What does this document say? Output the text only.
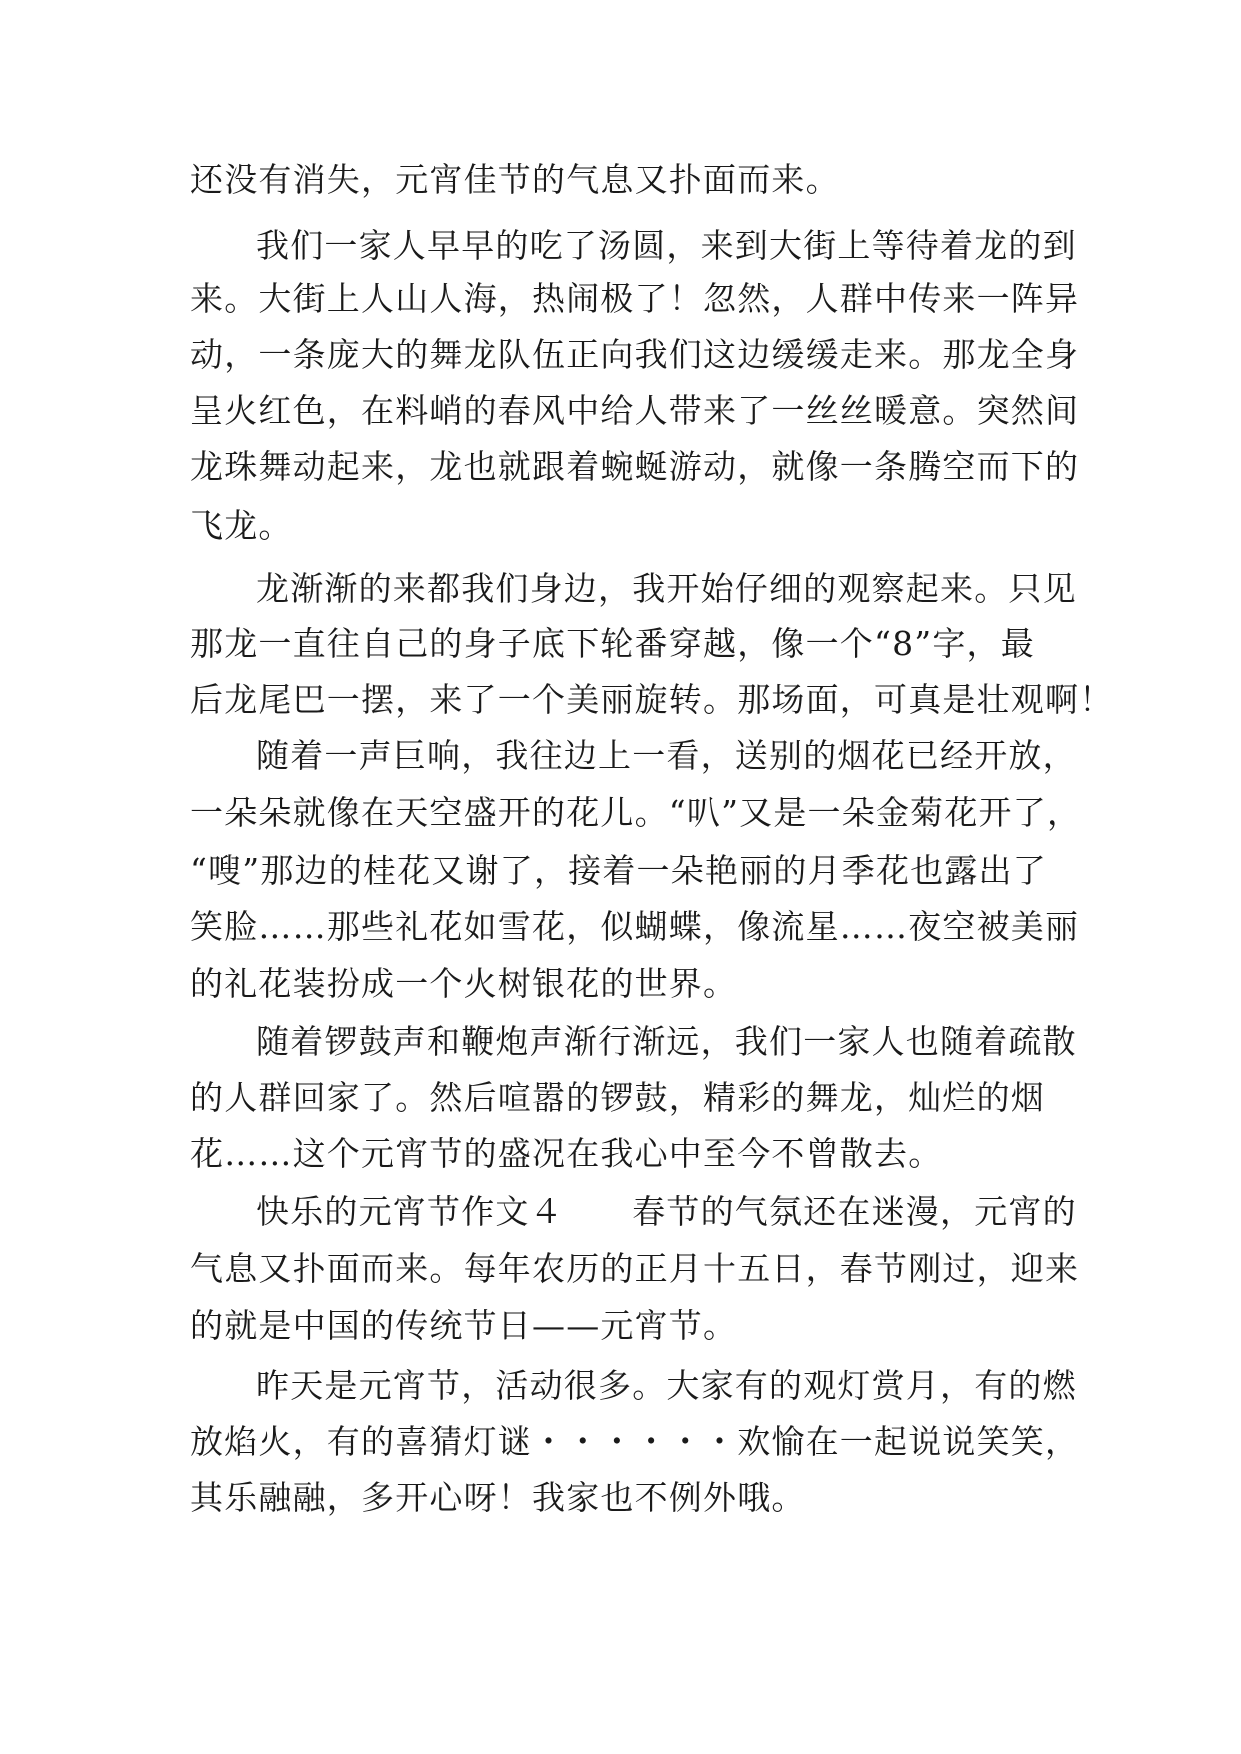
还没有消失，元宵佳节的气息又扑面而来。
我们一家人早早的吃了汤圆，来到大街上等待着龙的到
来。大街上人山人海，热闹极了！忽然，人群中传来一阵异
动，一条庞大的舞龙队伍正向我们这边缓缓走来。那龙全身
呈火红色，在料峭的春风中给人带来了一丝丝暖意。突然间
龙珠舞动起来，龙也就跟着蜿蜒游动，就像一条腾空而下的
飞龙。
龙渐渐的来都我们身边，我开始仔细的观察起来。只见
那龙一直往自己的身子底下轮番穿越，像一个“8”字，最
后龙尾巴一摆，来了一个美丽旋转。那场面，可真是壮观啊！
随着一声巨响，我往边上一看，送别的烟花已经开放，
一朵朵就像在天空盛开的花儿。“叭”又是一朵金菊花开了，
“嗖”那边的桂花又谢了，接着一朵艳丽的月季花也露出了
笑脸……那些礼花如雪花，似蝴蝶，像流星……夜空被美丽
的礼花装扮成一个火树银花的世界。
随着锣鼓声和鞭炮声渐行渐远，我们一家人也随着疏散
的人群回家了。然后喧嚣的锣鼓，精彩的舞龙，灿烂的烟
花……这个元宵节的盛况在我心中至今不曾散去。
快乐的元宵节作文４　　春节的气氛还在迷漫，元宵的
气息又扑面而来。每年农历的正月十五日，春节刚过，迎来
的就是中国的传统节日——元宵节。
昨天是元宵节，活动很多。大家有的观灯赏月，有的燃
放焰火，有的喜猜灯谜・・・・・・欢愉在一起说说笑笑，
其乐融融，多开心呀！我家也不例外哦。
